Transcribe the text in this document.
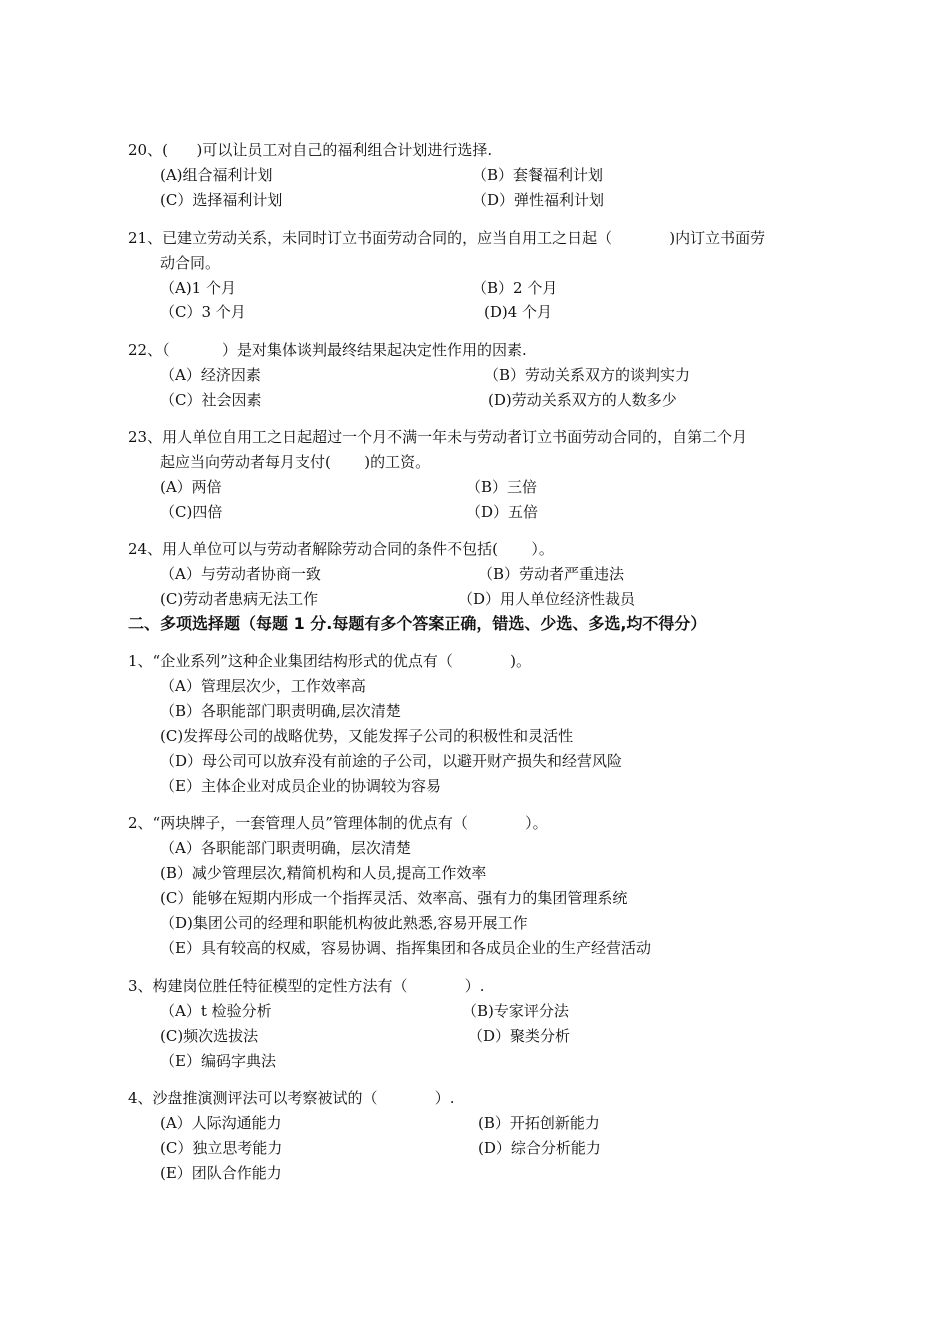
20、(      )可以让员工对自己的福利组合计划进行选择.
(A)组合福利计划	（B）套餐福利计划
(C）选择福利计划	（D）弹性福利计划
21、已建立劳动关系，未同时订立书面劳动合同的，应当自用工之日起（            )内订立书面劳
动合同。
（A)1 个月	（B）2 个月
（C）3 个月	(D)4 个月
22、（           ）是对集体谈判最终结果起决定性作用的因素.
（A）经济因素	（B）劳动关系双方的谈判实力
（C）社会因素	(D)劳动关系双方的人数多少
23、用人单位自用工之日起超过一个月不满一年未与劳动者订立书面劳动合同的，自第二个月
起应当向劳动者每月支付(       )的工资。
(A）两倍	（B）三倍
（C)四倍	（D）五倍
24、用人单位可以与劳动者解除劳动合同的条件不包括(       ）。
（A）与劳动者协商一致	（B）劳动者严重违法
(C)劳动者患病无法工作	（D）用人单位经济性裁员
二、多项选择题（每题 1 分.每题有多个答案正确，错选、少选、多选,均不得分）
1、“企业系列”这种企业集团结构形式的优点有（            )。
（A）管理层次少，工作效率高
（B）各职能部门职责明确,层次清楚
(C)发挥母公司的战略优势，又能发挥子公司的积极性和灵活性
（D）母公司可以放弃没有前途的子公司，以避开财产损失和经营风险
（E）主体企业对成员企业的协调较为容易
2、“两块牌子，一套管理人员”管理体制的优点有（            ）。
（A）各职能部门职责明确，层次清楚
(B）减少管理层次,精简机构和人员,提高工作效率
(C）能够在短期内形成一个指挥灵活、效率高、强有力的集团管理系统
（D)集团公司的经理和职能机构彼此熟悉,容易开展工作
（E）具有较高的权威，容易协调、指挥集团和各成员企业的生产经营活动
3、构建岗位胜任特征模型的定性方法有（            ）.
（A）t 检验分析	（B)专家评分法
(C)频次选拔法	（D）聚类分析
（E）编码字典法
4、沙盘推演测评法可以考察被试的（            ）.
(A）人际沟通能力	(B）开拓创新能力
(C）独立思考能力	(D）综合分析能力
(E）团队合作能力
